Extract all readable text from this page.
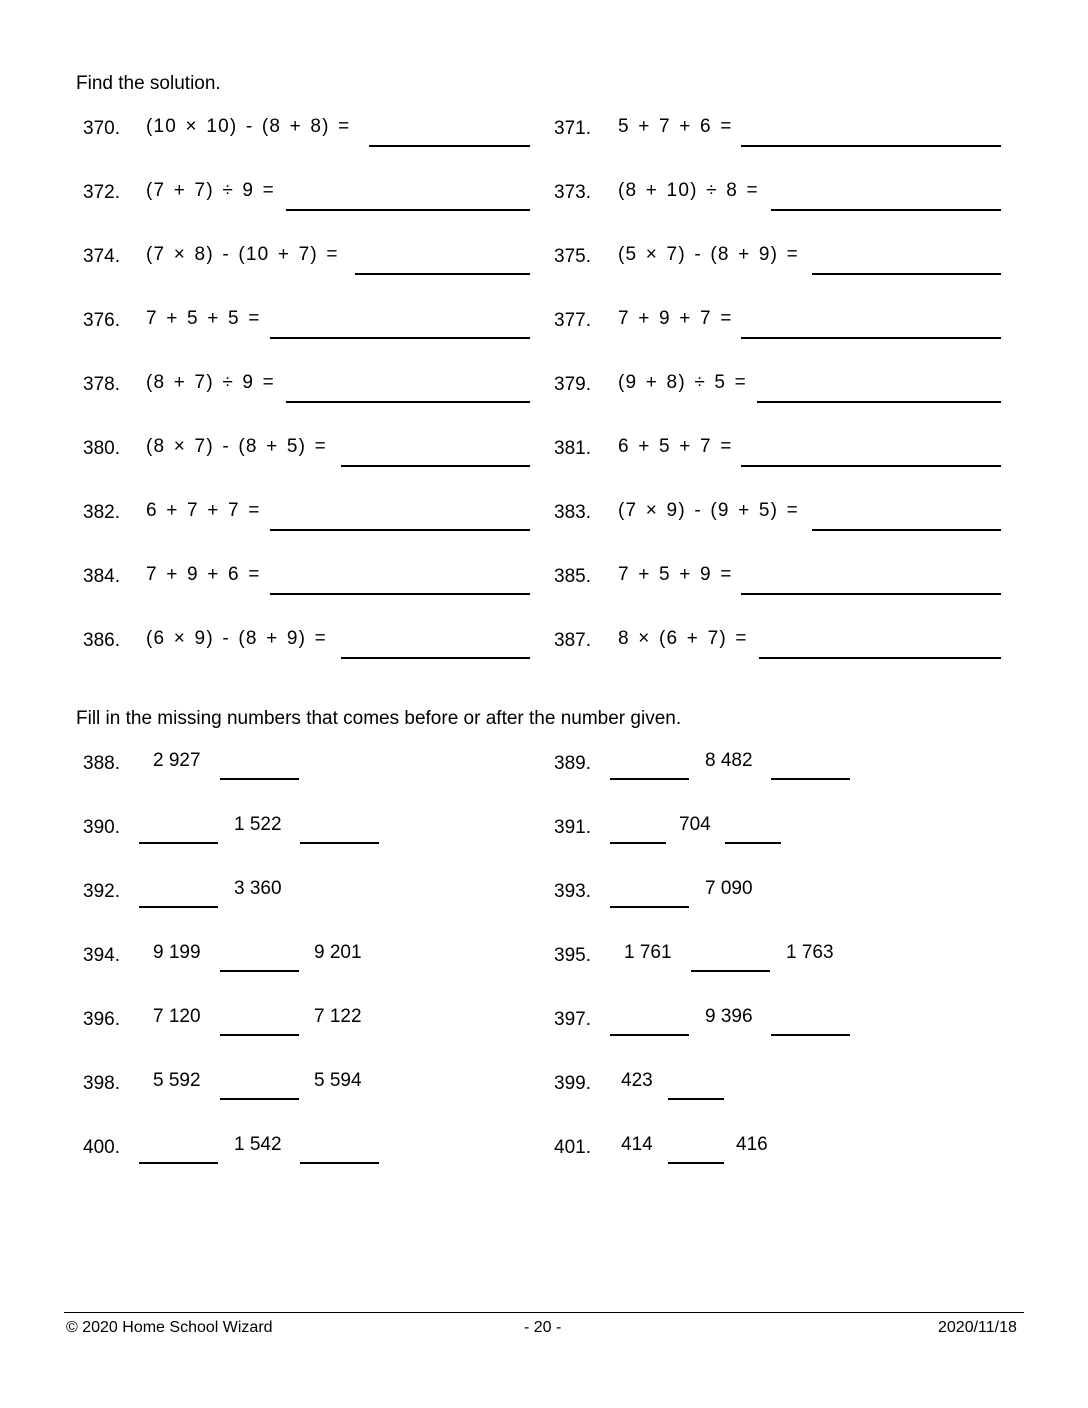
Find the solution.
370. (10 × 10) - (8 + 8) =	371. 5 + 7 + 6 =
372. (7 + 7) ÷ 9 =	373. (8 + 10) ÷ 8 =
374. (7 × 8) - (10 + 7) =	375. (5 × 7) - (8 + 9) =
376. 7 + 5 + 5 =	377. 7 + 9 + 7 =
378. (8 + 7) ÷ 9 =	379. (9 + 8) ÷ 5 =
380. (8 × 7) - (8 + 5) =	381. 6 + 5 + 7 =
382. 6 + 7 + 7 =	383. (7 × 9) - (9 + 5) =
384. 7 + 9 + 6 =	385. 7 + 5 + 9 =
386. (6 × 9) - (8 + 9) =	387. 8 × (6 + 7) =
Fill in the missing numbers that comes before or after the number given.
388. 2 927	389.	8 482
390.	1 522	391.	704
392.	3 360	393.	7 090
394. 9 199	9 201	395. 1 761	1 763
396. 7 120	7 122	397.	9 396
398. 5 592	5 594	399. 423
400.	1 542	401. 414	416
© 2020 Home School Wizard	- 20 -	2020/11/18
